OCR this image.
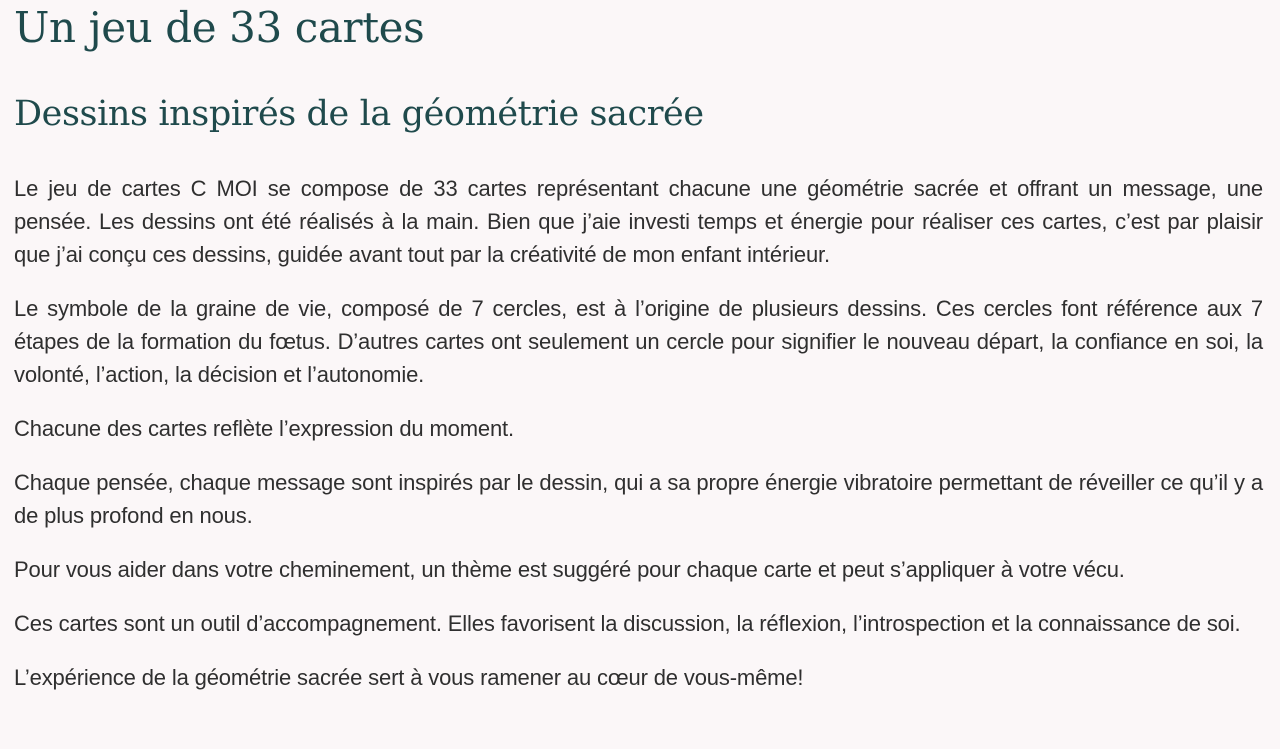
Un jeu de 33 cartes
Dessins inspirés de la géométrie sacrée

Le jeu de cartes C MOI se compose de 33 cartes représentant chacune une géométrie sacrée et offrant un message, une pensée. Les dessins ont été réalisés à la main. Bien que j’aie investi temps et énergie pour réaliser ces cartes, c’est par plaisir que j’ai conçu ces dessins, guidée avant tout par la créativité de mon enfant intérieur.

Le symbole de la graine de vie, composé de 7 cercles, est à l’origine de plusieurs dessins. Ces cercles font référence aux 7 étapes de la formation du fœtus. D’autres cartes ont seulement un cercle pour signifier le nouveau départ, la confiance en soi, la volonté, l’action, la décision et l’autonomie.

Chacune des cartes reflète l’expression du moment.

Chaque pensée, chaque message sont inspirés par le dessin, qui a sa propre énergie vibratoire permettant de réveiller ce qu’il y a de plus profond en nous.

Pour vous aider dans votre cheminement, un thème est suggéré pour chaque carte et peut s’appliquer à votre vécu.

Ces cartes sont un outil d’accompagnement. Elles favorisent la discussion, la réflexion, l’introspection et la connaissance de soi.

L’expérience de la géométrie sacrée sert à vous ramener au cœur de vous-même!
